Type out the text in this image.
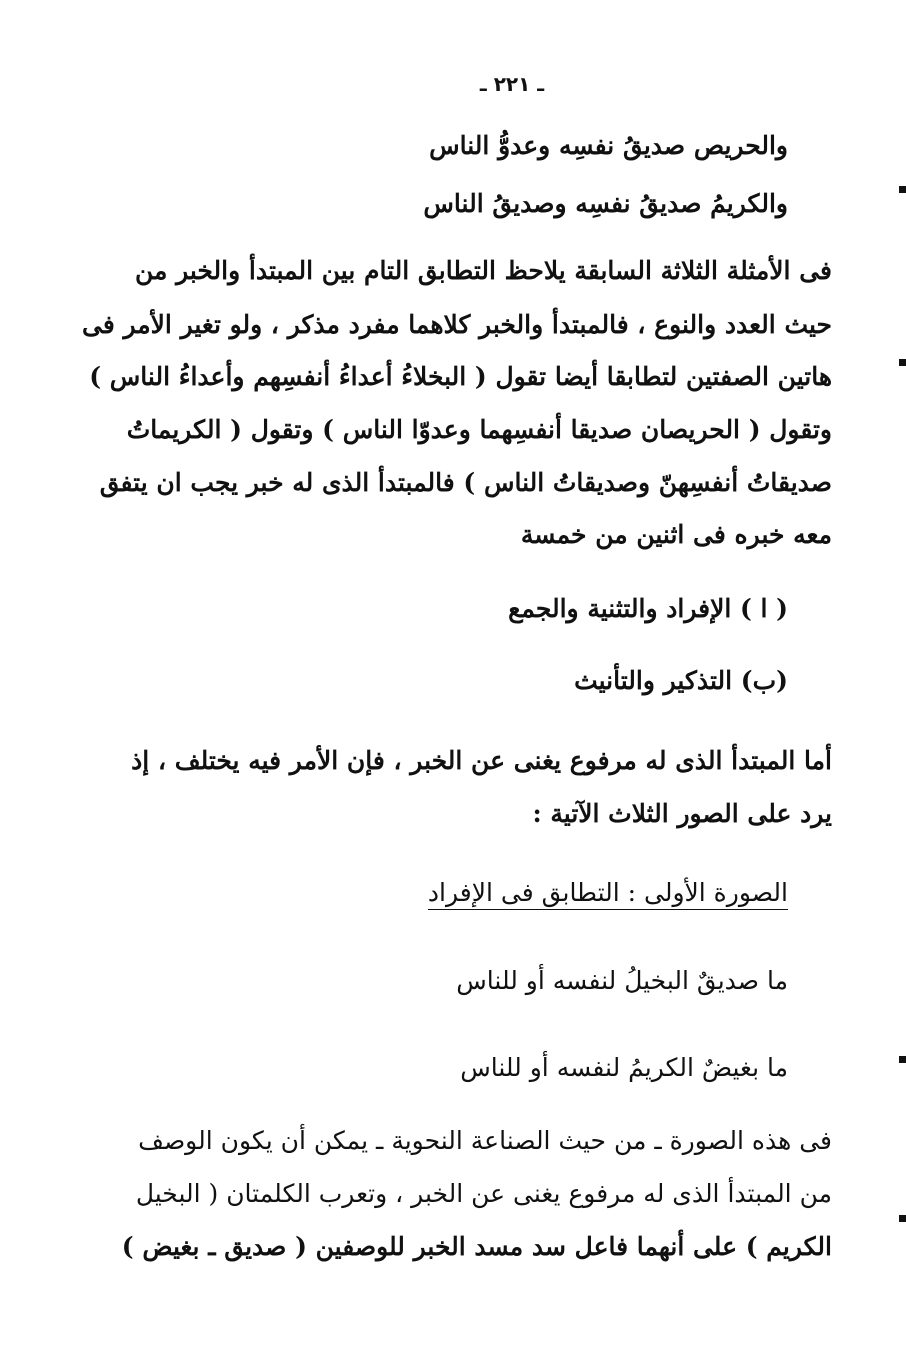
ـ ٢٢١ ـ

والحريص صديقُ نفسِه وعدوُّ الناس

والكريمُ صديقُ نفسِه وصديقُ الناس

فى الأمثلة الثلاثة السابقة يلاحظ التطابق التام بين المبتدأ والخبر من

حيث العدد والنوع ، فالمبتدأ والخبر كلاهما مفرد مذكر ، ولو تغير الأمر فى

هاتين الصفتين لتطابقا أيضا تقول ( البخلاءُ أعداءُ أنفسِهم وأعداءُ الناس )

وتقول ( الحريصان صديقا أنفسِهما وعدوّا الناس ) وتقول ( الكريماتُ

صديقاتُ أنفسِهنّ وصديقاتُ الناس ) فالمبتدأ الذى له خبر يجب ان يتفق

معه خبره فى اثنين من خمسة

( ا ) الإفراد والتثنية والجمع

(ب) التذكير والتأنيث

أما المبتدأ الذى له مرفوع يغنى عن الخبر ، فإن الأمر فيه يختلف ، إذ

يرد على الصور الثلاث الآتية :

الصورة الأولى : التطابق فى الإفراد

ما صديقٌ البخيلُ لنفسه أو للناس

ما بغيضٌ الكريمُ لنفسه أو للناس

فى هذه الصورة ـ من حيث الصناعة النحوية ـ يمكن أن يكون الوصف

من المبتدأ الذى له مرفوع يغنى عن الخبر ، وتعرب الكلمتان ( البخيل

الكريم ) على أنهما فاعل سد مسد الخبر للوصفين ( صديق ـ بغيض )
